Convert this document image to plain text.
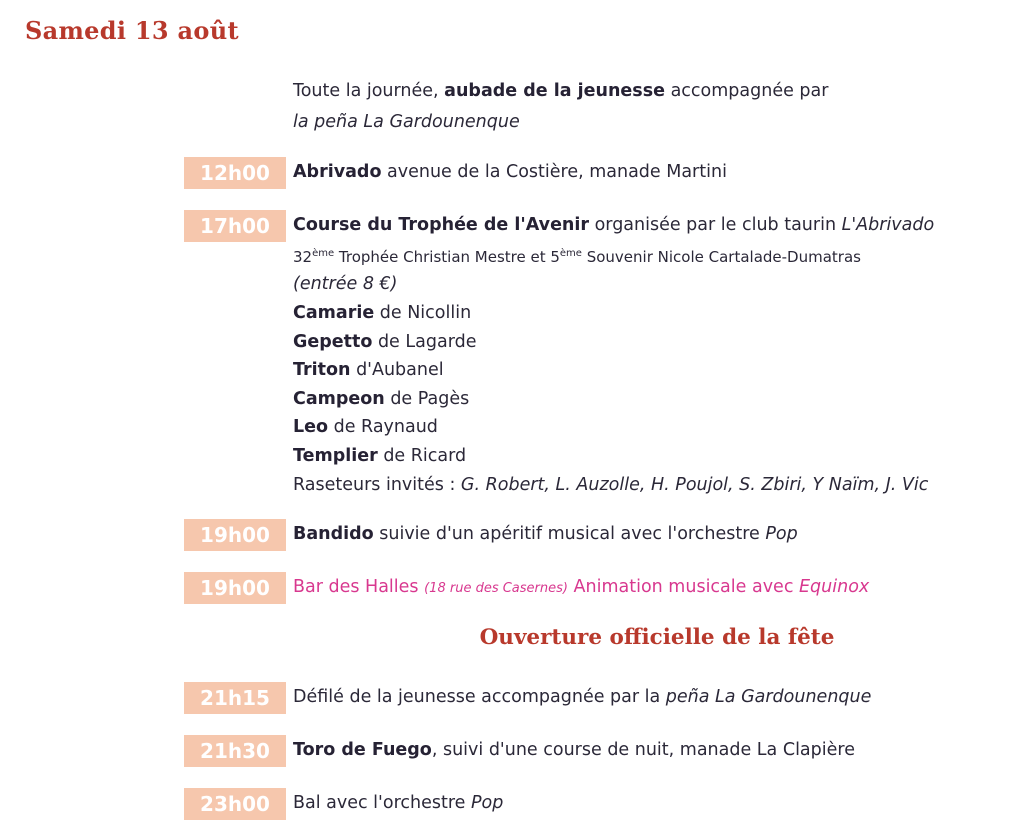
Samedi 13 août

Toute la journée, aubade de la jeunesse accompagnée par

la peña La Gardounenque

12h00	Abrivado avenue de la Costière, manade Martini

17h00	Course du Trophée de l'Avenir organisée par le club taurin L'Abrivado

32ème Trophée Christian Mestre et 5ème Souvenir Nicole Cartalade-Dumatras

(entrée 8 €)

Camarie de Nicollin

Gepetto de Lagarde

Triton d'Aubanel

Campeon de Pagès

Leo de Raynaud

Templier de Ricard

Raseteurs invités : G. Robert, L. Auzolle, H. Poujol, S. Zbiri, Y Naïm, J. Vic

19h00	Bandido suivie d'un apéritif musical avec l'orchestre Pop

19h00	Bar des Halles (18 rue des Casernes) Animation musicale avec Equinox

Ouverture officielle de la fête
21h15	Défilé de la jeunesse accompagnée par la peña La Gardounenque

21h30	Toro de Fuego, suivi d'une course de nuit, manade La Clapière

23h00	Bal avec l'orchestre Pop
